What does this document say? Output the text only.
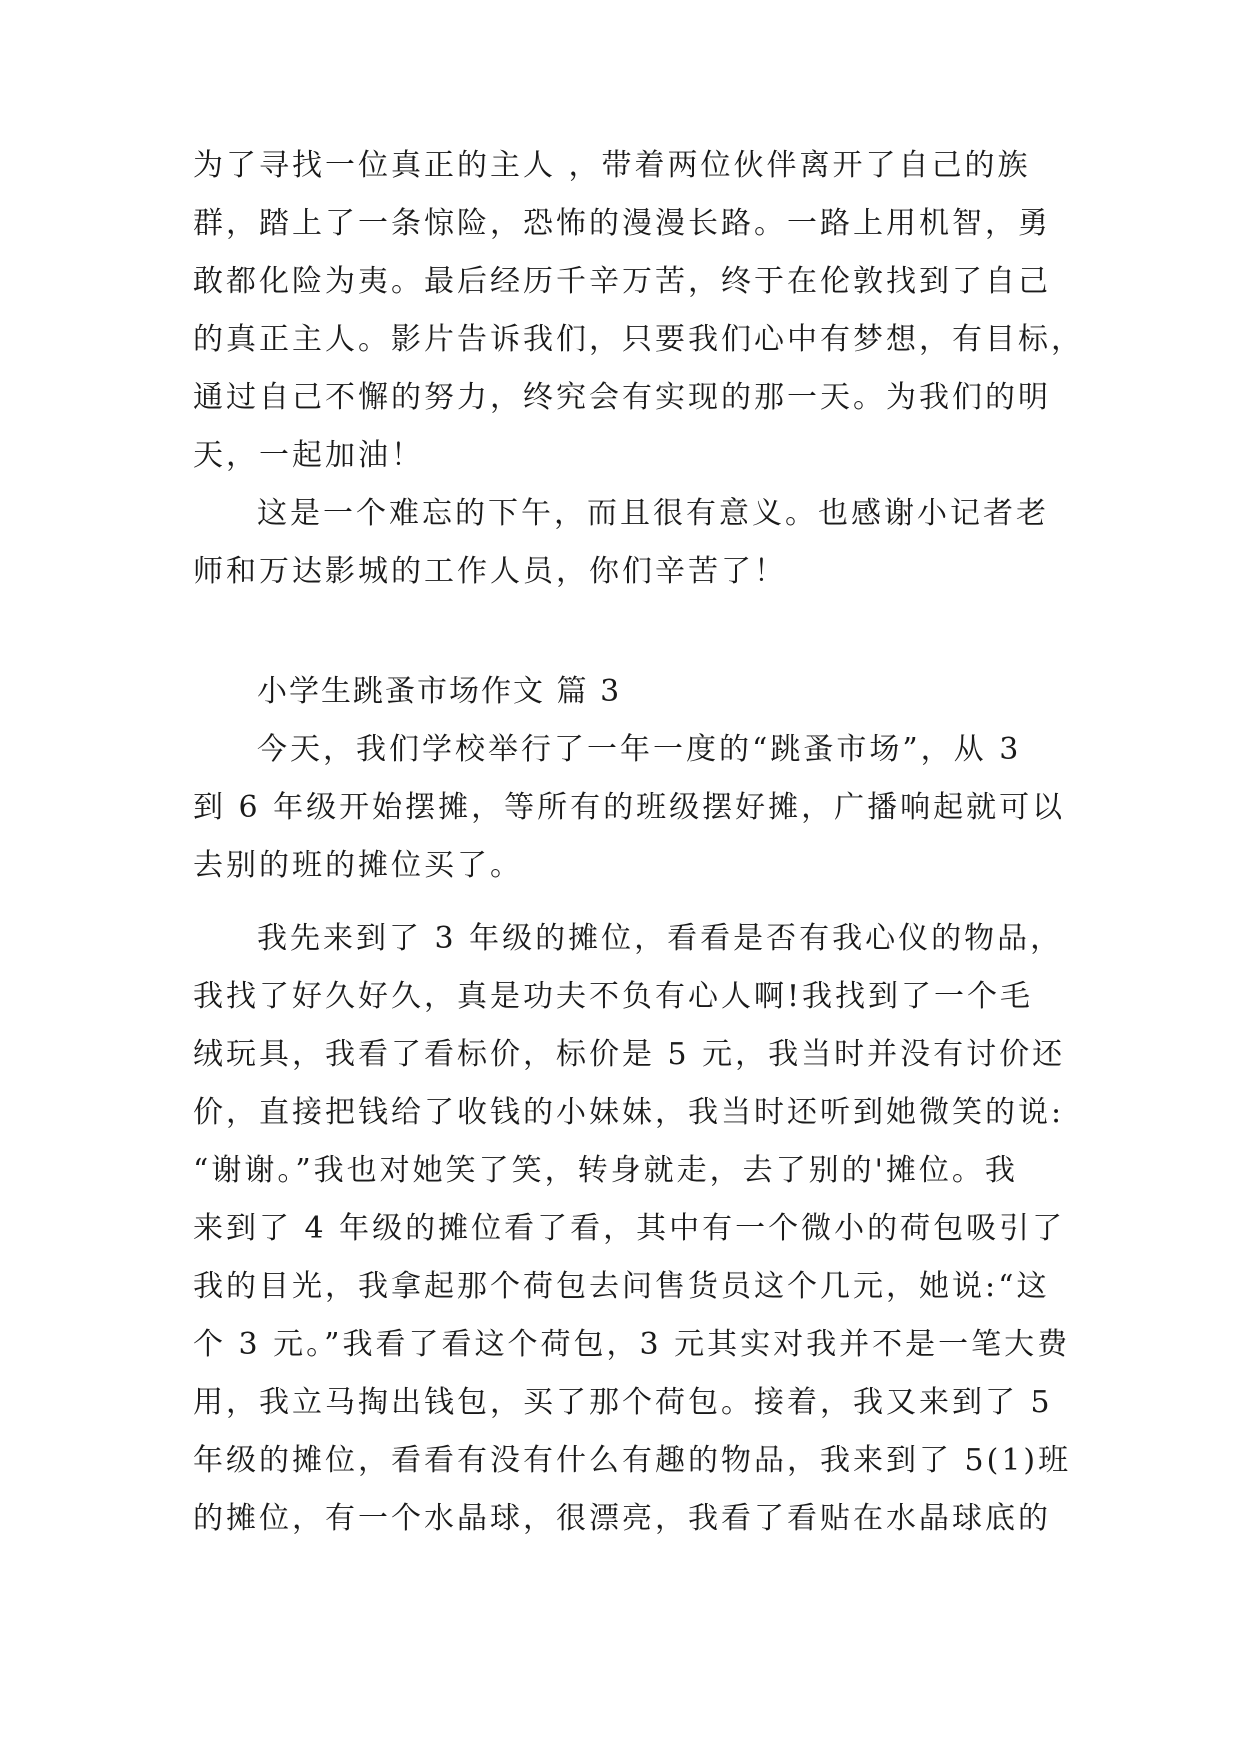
为了寻找一位真正的主人 ，带着两位伙伴离开了自己的族
群，踏上了一条惊险，恐怖的漫漫长路。一路上用机智，勇
敢都化险为夷。最后经历千辛万苦，终于在伦敦找到了自己
的真正主人。影片告诉我们，只要我们心中有梦想，有目标，
通过自己不懈的努力，终究会有实现的那一天。为我们的明
天，一起加油！
这是一个难忘的下午，而且很有意义。也感谢小记者老
师和万达影城的工作人员，你们辛苦了！
小学生跳蚤市场作文 篇 3
今天，我们学校举行了一年一度的“跳蚤市场”，从 3
到 6 年级开始摆摊，等所有的班级摆好摊，广播响起就可以
去别的班的摊位买了。
我先来到了 3 年级的摊位，看看是否有我心仪的物品，
我找了好久好久，真是功夫不负有心人啊!我找到了一个毛
绒玩具，我看了看标价，标价是 5 元，我当时并没有讨价还
价，直接把钱给了收钱的小妹妹，我当时还听到她微笑的说:
“谢谢。”我也对她笑了笑，转身就走，去了别的'摊位。我
来到了 4 年级的摊位看了看，其中有一个微小的荷包吸引了
我的目光，我拿起那个荷包去问售货员这个几元，她说:“这
个 3 元。”我看了看这个荷包，3 元其实对我并不是一笔大费
用，我立马掏出钱包，买了那个荷包。接着，我又来到了 5
年级的摊位，看看有没有什么有趣的物品，我来到了 5(1)班
的摊位，有一个水晶球，很漂亮，我看了看贴在水晶球底的
